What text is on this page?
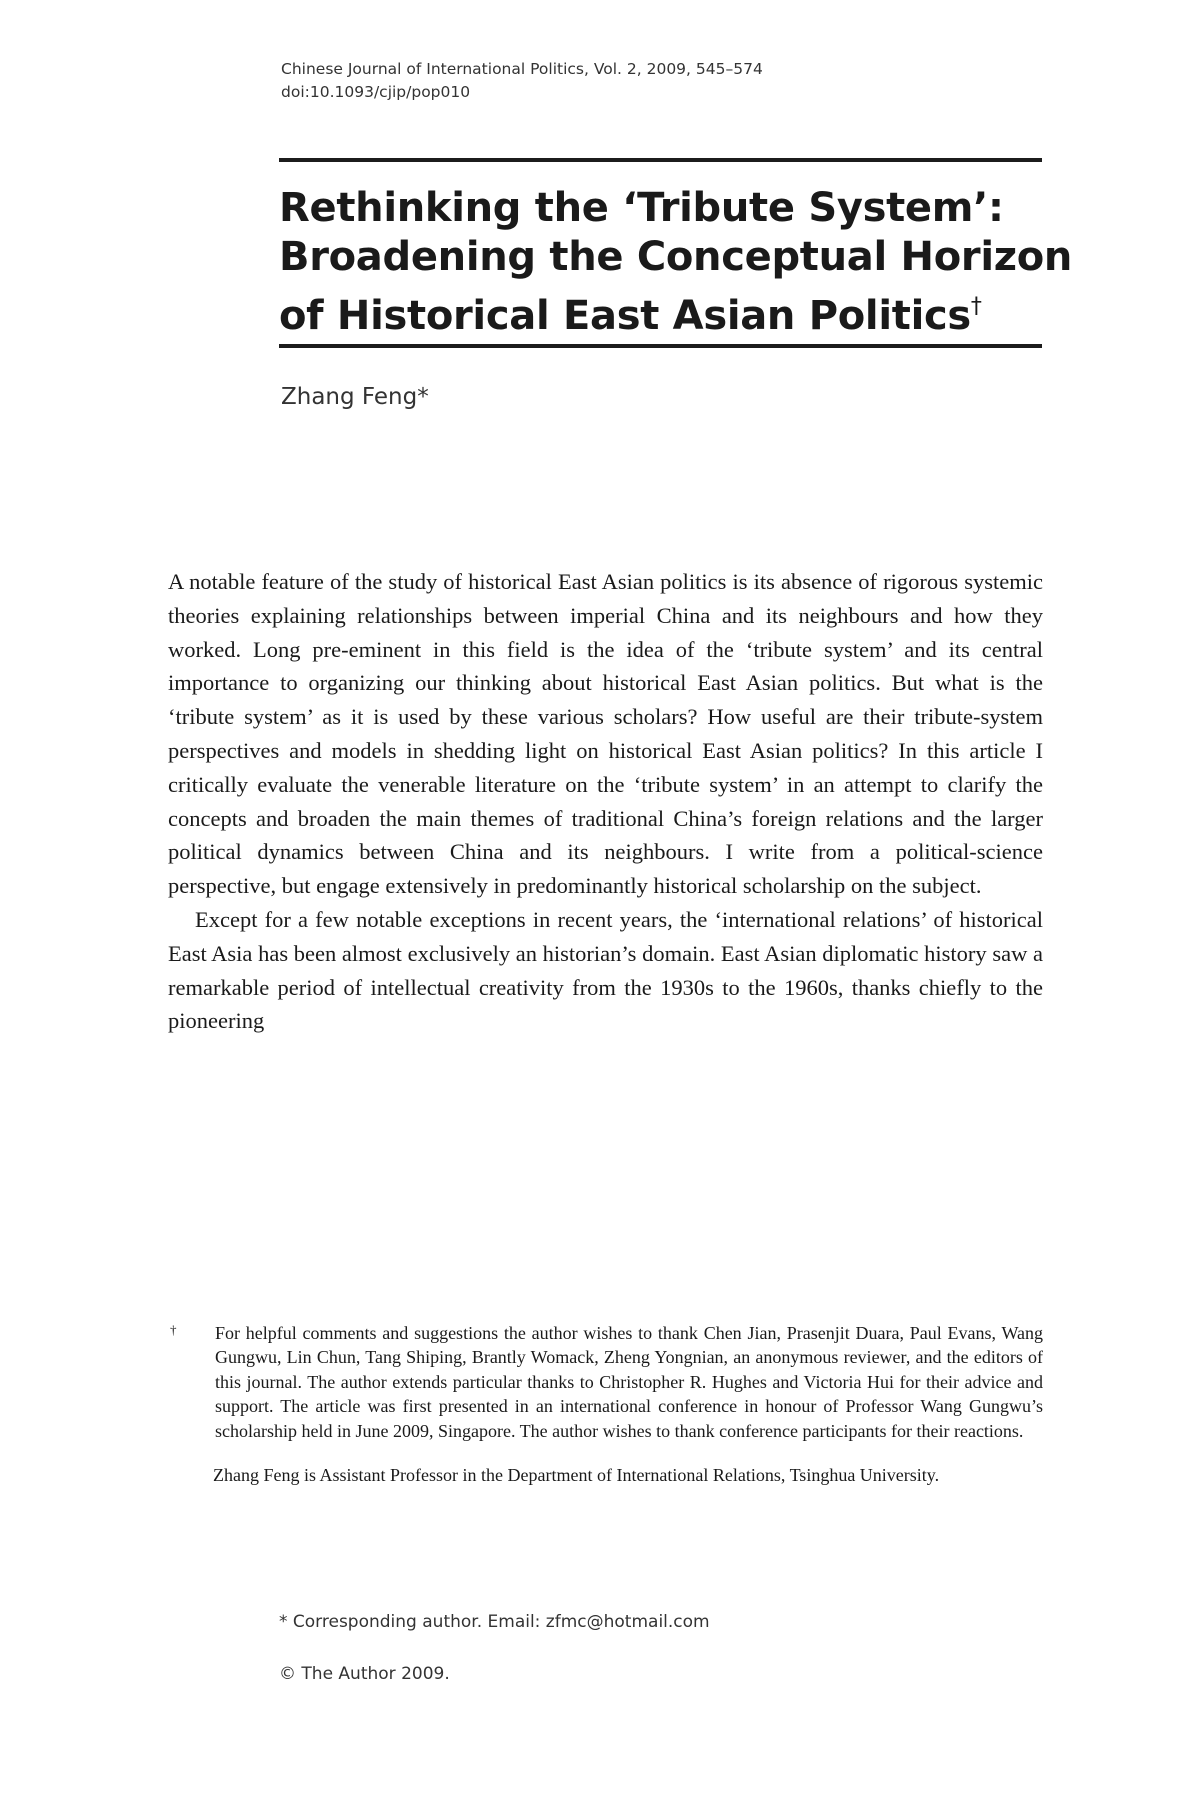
Chinese Journal of International Politics, Vol. 2, 2009, 545–574
doi:10.1093/cjip/pop010
Rethinking the ‘Tribute System’:
Broadening the Conceptual Horizon
of Historical East Asian Politics†
Zhang Feng*

A notable feature of the study of historical East Asian politics is its absence of rigorous systemic theories explaining relationships between imperial China and its neighbours and how they worked. Long pre-eminent in this field is the idea of the ‘tribute system’ and its central importance to organizing our thinking about historical East Asian politics. But what is the ‘tribute system’ as it is used by these various scholars? How useful are their tribute-system perspectives and models in shedding light on historical East Asian politics? In this article I critically evaluate the venerable literature on the ‘tribute system’ in an attempt to clarify the concepts and broaden the main themes of traditional China’s foreign relations and the larger political dynamics between China and its neighbours. I write from a political-science perspective, but engage extensively in predominantly historical scholarship on the subject.

Except for a few notable exceptions in recent years, the ‘international relations’ of historical East Asia has been almost exclusively an historian’s domain. East Asian diplomatic history saw a remarkable period of intellectual creativity from the 1930s to the 1960s, thanks chiefly to the pioneering

†	For helpful comments and suggestions the author wishes to thank Chen Jian, Prasenjit Duara, Paul Evans, Wang Gungwu, Lin Chun, Tang Shiping, Brantly Womack, Zheng Yongnian, an anonymous reviewer, and the editors of this journal. The author extends particular thanks to Christopher R. Hughes and Victoria Hui for their advice and support. The article was first presented in an international conference in honour of Professor Wang Gungwu’s scholarship held in June 2009, Singapore. The author wishes to thank conference participants for their reactions.
Zhang Feng is Assistant Professor in the Department of International Relations, Tsinghua University.
* Corresponding author. Email: zfmc@hotmail.com
© The Author 2009.
